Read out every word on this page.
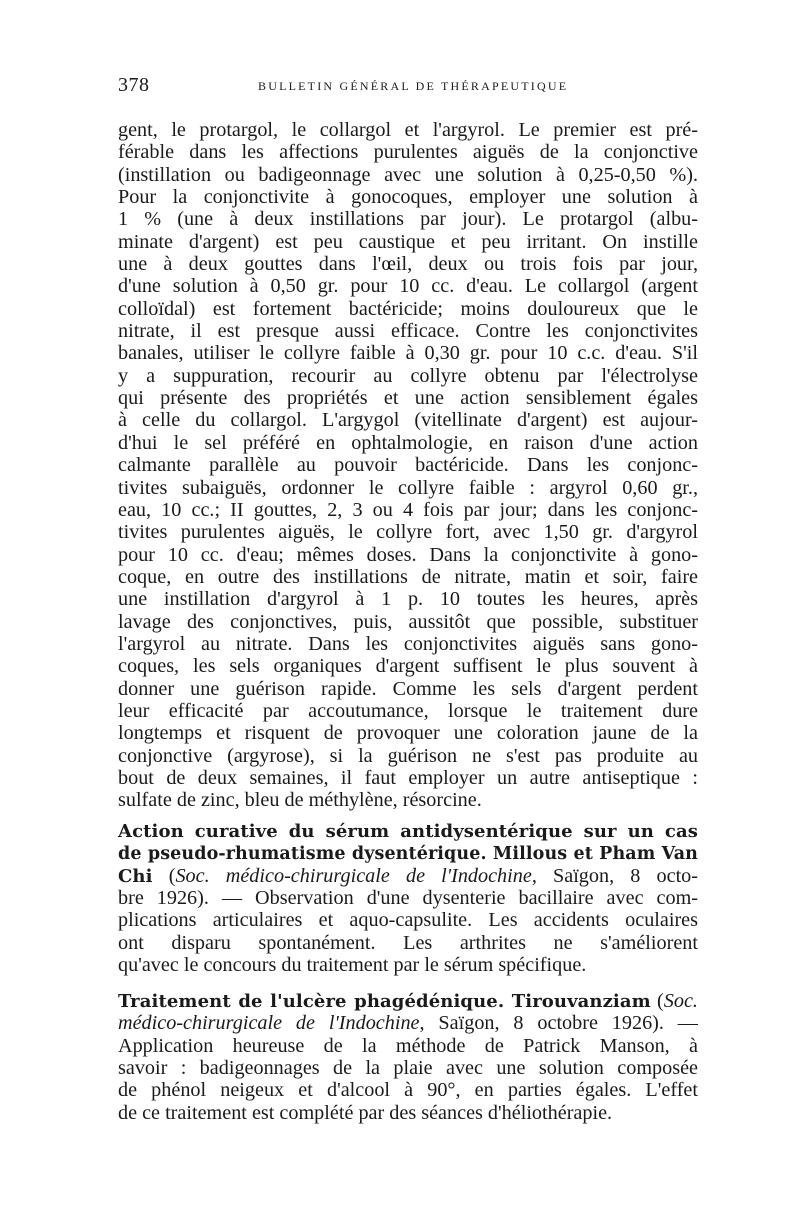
378	BULLETIN GÉNÉRAL DE THÉRAPEUTIQUE
gent, le protargol, le collargol et l'argyrol. Le premier est pré-
férable dans les affections purulentes aiguës de la conjonctive
(instillation ou badigeonnage avec une solution à 0,25-0,50 %).
Pour la conjonctivite à gonocoques, employer une solution à
1 % (une à deux instillations par jour). Le protargol (albu-
minate d'argent) est peu caustique et peu irritant. On instille
une à deux gouttes dans l'œil, deux ou trois fois par jour,
d'une solution à 0,50 gr. pour 10 cc. d'eau. Le collargol (argent
colloïdal) est fortement bactéricide; moins douloureux que le
nitrate, il est presque aussi efficace. Contre les conjonctivites
banales, utiliser le collyre faible à 0,30 gr. pour 10 c.c. d'eau. S'il
y a suppuration, recourir au collyre obtenu par l'électrolyse
qui présente des propriétés et une action sensiblement égales
à celle du collargol. L'argygol (vitellinate d'argent) est aujour-
d'hui le sel préféré en ophtalmologie, en raison d'une action
calmante parallèle au pouvoir bactéricide. Dans les conjonc-
tivites subaiguës, ordonner le collyre faible : argyrol 0,60 gr.,
eau, 10 cc.; II gouttes, 2, 3 ou 4 fois par jour; dans les conjonc-
tivites purulentes aiguës, le collyre fort, avec 1,50 gr. d'argyrol
pour 10 cc. d'eau; mêmes doses. Dans la conjonctivite à gono-
coque, en outre des instillations de nitrate, matin et soir, faire
une instillation d'argyrol à 1 p. 10 toutes les heures, après
lavage des conjonctives, puis, aussitôt que possible, substituer
l'argyrol au nitrate. Dans les conjonctivites aiguës sans gono-
coques, les sels organiques d'argent suffisent le plus souvent à
donner une guérison rapide. Comme les sels d'argent perdent
leur efficacité par accoutumance, lorsque le traitement dure
longtemps et risquent de provoquer une coloration jaune de la
conjonctive (argyrose), si la guérison ne s'est pas produite au
bout de deux semaines, il faut employer un autre antiseptique :
sulfate de zinc, bleu de méthylène, résorcine.
Action curative du sérum antidysentérique sur un cas
de pseudo-rhumatisme dysentérique. Millous et Pham Van
Chi (Soc. médico-chirurgicale de l'Indochine, Saïgon, 8 octo-
bre 1926). — Observation d'une dysenterie bacillaire avec com-
plications articulaires et aquo-capsulite. Les accidents oculaires
ont disparu spontanément. Les arthrites ne s'améliorent
qu'avec le concours du traitement par le sérum spécifique.
Traitement de l'ulcère phagédénique. Tirouvanziam (Soc.
médico-chirurgicale de l'Indochine, Saïgon, 8 octobre 1926). —
Application heureuse de la méthode de Patrick Manson, à
savoir : badigeonnages de la plaie avec une solution composée
de phénol neigeux et d'alcool à 90°, en parties égales. L'effet
de ce traitement est complété par des séances d'héliothérapie.
